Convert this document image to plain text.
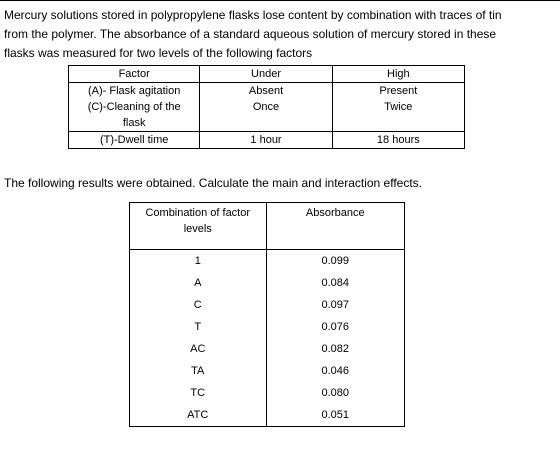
Mercury solutions stored in polypropylene flasks lose content by combination with traces of tin
from the polymer. The absorbance of a standard aqueous solution of mercury stored in these
flasks was measured for two levels of the following factors

Factor	Under	High
(A)- Flask agitation	Absent	Present

(C)-Cleaning of the
flask	Once	Twice
(T)-Dwell time	1 hour	18 hours

The following results were obtained. Calculate the main and interaction effects.

Combination of factor
levels	Absorbance
1	0.099
A	0.084
C	0.097
T	0.076
AC	0.082
TA	0.046
TC	0.080
ATC	0.051
